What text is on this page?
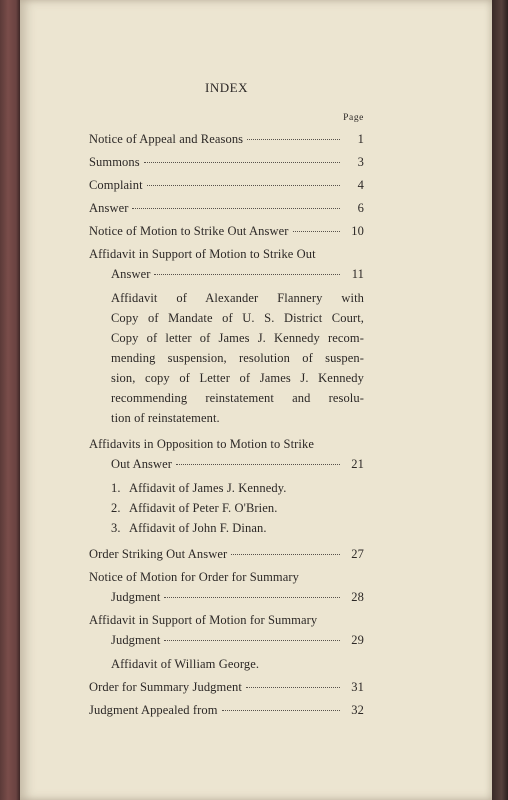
INDEX
Page
Notice of Appeal and Reasons	1
Summons	3
Complaint	4
Answer	6
Notice of Motion to Strike Out Answer	10
Affidavit in Support of Motion to Strike Out
Answer	11
Affidavit of Alexander Flannery with
Copy of Mandate of U. S. District Court,
Copy of letter of James J. Kennedy recom-
mending suspension, resolution of suspen-
sion, copy of Letter of James J. Kennedy
recommending reinstatement and resolu-
tion of reinstatement.
Affidavits in Opposition to Motion to Strike
Out Answer	21
1. Affidavit of James J. Kennedy.
2. Affidavit of Peter F. O'Brien.
3. Affidavit of John F. Dinan.
Order Striking Out Answer	27
Notice of Motion for Order for Summary
Judgment	28
Affidavit in Support of Motion for Summary
Judgment	29
Affidavit of William George.
Order for Summary Judgment	31
Judgment Appealed from	32
